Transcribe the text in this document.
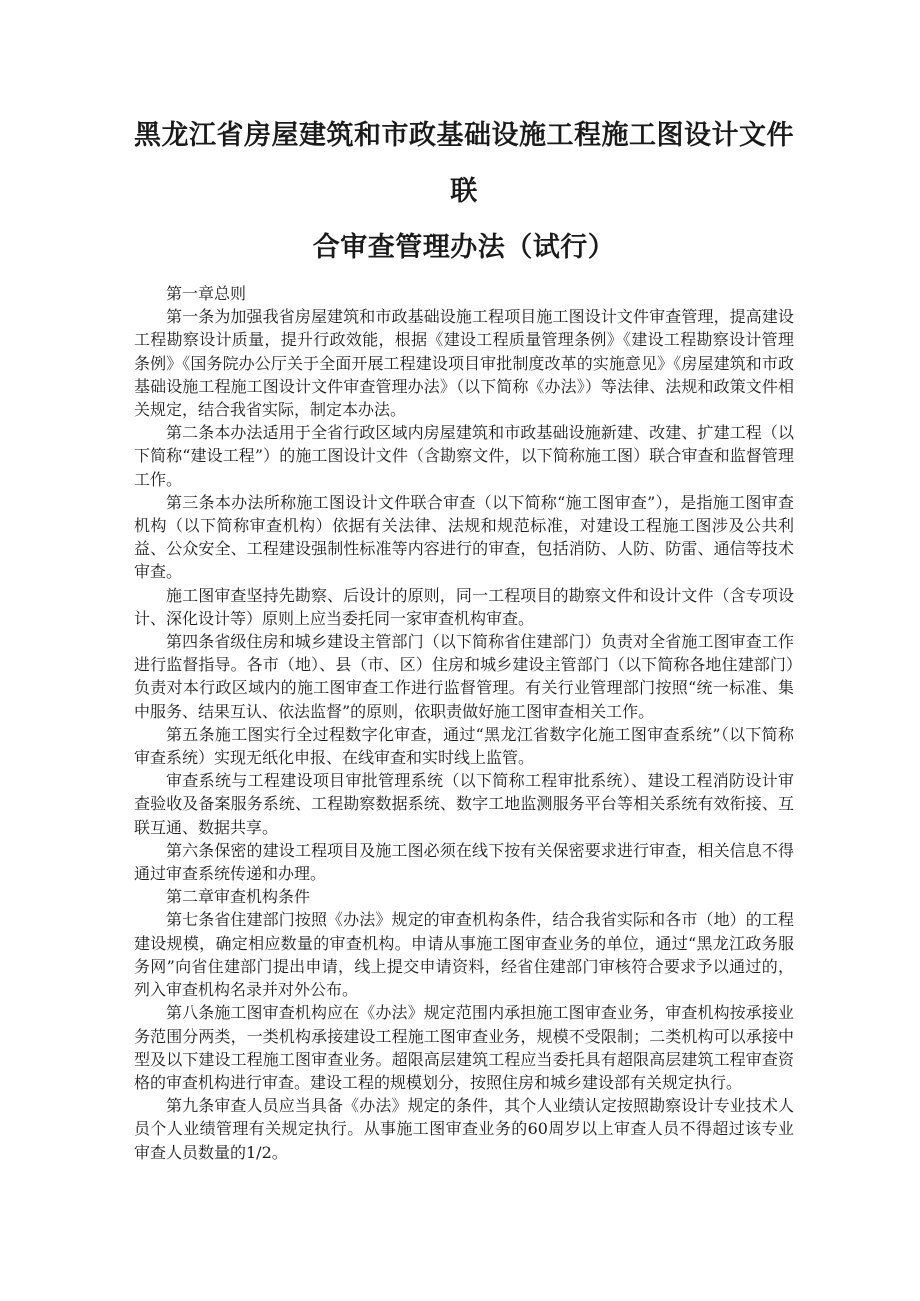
黑龙江省房屋建筑和市政基础设施工程施工图设计文件联
合审查管理办法（试行）

第一章总则

第一条为加强我省房屋建筑和市政基础设施工程项目施工图设计文件审查管理，提高建设工程勘察设计质量，提升行政效能，根据《建设工程质量管理条例》《建设工程勘察设计管理条例》《国务院办公厅关于全面开展工程建设项目审批制度改革的实施意见》《房屋建筑和市政基础设施工程施工图设计文件审查管理办法》（以下简称《办法》）等法律、法规和政策文件相关规定，结合我省实际，制定本办法。

第二条本办法适用于全省行政区域内房屋建筑和市政基础设施新建、改建、扩建工程（以下简称“建设工程”）的施工图设计文件（含勘察文件，以下简称施工图）联合审查和监督管理工作。

第三条本办法所称施工图设计文件联合审查（以下简称“施工图审查”），是指施工图审查机构（以下简称审查机构）依据有关法律、法规和规范标准，对建设工程施工图涉及公共利益、公众安全、工程建设强制性标准等内容进行的审查，包括消防、人防、防雷、通信等技术审查。

施工图审查坚持先勘察、后设计的原则，同一工程项目的勘察文件和设计文件（含专项设计、深化设计等）原则上应当委托同一家审查机构审查。

第四条省级住房和城乡建设主管部门（以下简称省住建部门）负责对全省施工图审查工作进行监督指导。各市（地）、县（市、区）住房和城乡建设主管部门（以下简称各地住建部门）负责对本行政区域内的施工图审查工作进行监督管理。有关行业管理部门按照“统一标准、集中服务、结果互认、依法监督”的原则，依职责做好施工图审查相关工作。

第五条施工图实行全过程数字化审查，通过“黑龙江省数字化施工图审查系统”（以下简称审查系统）实现无纸化申报、在线审查和实时线上监管。

审查系统与工程建设项目审批管理系统（以下简称工程审批系统）、建设工程消防设计审查验收及备案服务系统、工程勘察数据系统、数字工地监测服务平台等相关系统有效衔接、互联互通、数据共享。

第六条保密的建设工程项目及施工图必须在线下按有关保密要求进行审查，相关信息不得通过审查系统传递和办理。

第二章审查机构条件

第七条省住建部门按照《办法》规定的审查机构条件，结合我省实际和各市（地）的工程建设规模，确定相应数量的审查机构。申请从事施工图审查业务的单位，通过“黑龙江政务服务网”向省住建部门提出申请，线上提交申请资料，经省住建部门审核符合要求予以通过的，列入审查机构名录并对外公布。

第八条施工图审查机构应在《办法》规定范围内承担施工图审查业务，审查机构按承接业务范围分两类，一类机构承接建设工程施工图审查业务，规模不受限制；二类机构可以承接中型及以下建设工程施工图审查业务。超限高层建筑工程应当委托具有超限高层建筑工程审查资格的审查机构进行审查。建设工程的规模划分，按照住房和城乡建设部有关规定执行。

第九条审查人员应当具备《办法》规定的条件，其个人业绩认定按照勘察设计专业技术人员个人业绩管理有关规定执行。从事施工图审查业务的60周岁以上审查人员不得超过该专业审查人员数量的1/2。
